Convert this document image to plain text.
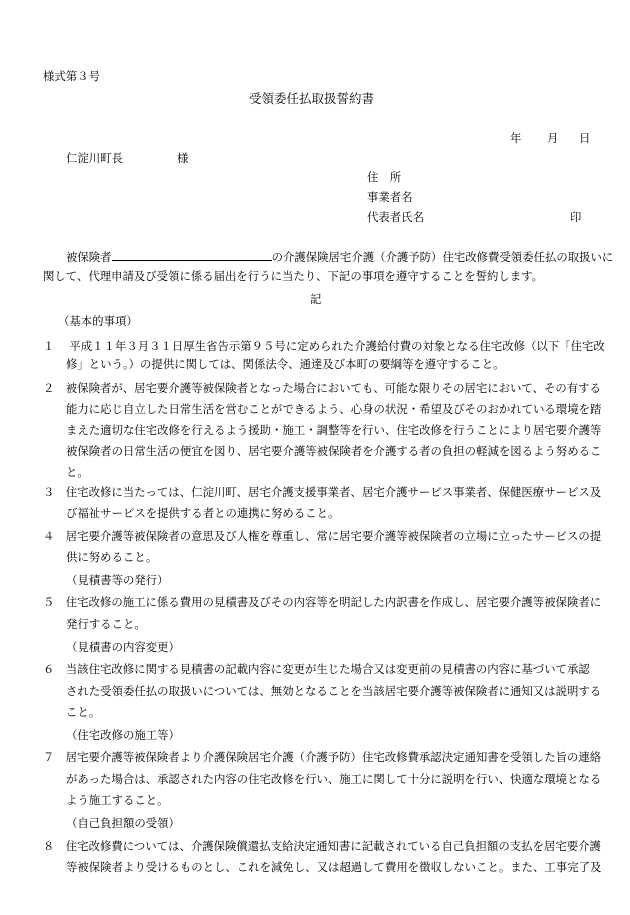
様式第３号
受領委任払取扱誓約書
年 月 日
仁淀川町長	様
住　所
事業者名
代表者氏名	印
被保険者	の介護保険居宅介護（介護予防）住宅改修費受領委任払の取扱いに
関して、代理申請及び受領に係る届出を行うに当たり、下記の事項を遵守することを誓約します。
記
（基本的事項）
１　 平成１１年３月３１日厚生省告示第９５号に定められた介護給付費の対象となる住宅改修（以下「住宅改
修」という。）の提供に関しては、関係法令、通達及び本町の要綱等を遵守すること。
２　被保険者が、居宅要介護等被保険者となった場合においても、可能な限りその居宅において、その有する
能力に応じ自立した日常生活を営むことができるよう、心身の状況・希望及びそのおかれている環境を踏
まえた適切な住宅改修を行えるよう援助・施工・調整等を行い、住宅改修を行うことにより居宅要介護等
被保険者の日常生活の便宜を図り、居宅要介護等被保険者を介護する者の負担の軽減を図るよう努めるこ
と。
３　住宅改修に当たっては、仁淀川町、居宅介護支援事業者、居宅介護サービス事業者、保健医療サービス及
び福祉サービスを提供する者との連携に努めること。
４　居宅要介護等被保険者の意思及び人権を尊重し、常に居宅要介護等被保険者の立場に立ったサービスの提
供に努めること。
（見積書等の発行）
５　住宅改修の施工に係る費用の見積書及びその内容等を明記した内訳書を作成し、居宅要介護等被保険者に
発行すること。
（見積書の内容変更）
６　当該住宅改修に関する見積書の記載内容に変更が生じた場合又は変更前の見積書の内容に基づいて承認
された受領委任払の取扱いについては、無効となることを当該居宅要介護等被保険者に通知又は説明する
こと。
（住宅改修の施工等）
７　居宅要介護等被保険者より介護保険居宅介護（介護予防）住宅改修費承認決定通知書を受領した旨の連絡
があった場合は、承認された内容の住宅改修を行い、施工に関して十分に説明を行い、快適な環境となる
よう施工すること。
（自己負担額の受領）
８　住宅改修費については、介護保険償還払支給決定通知書に記載されている自己負担額の支払を居宅要介護
等被保険者より受けるものとし、これを減免し、又は超過して費用を徴収しないこと。また、工事完了及
